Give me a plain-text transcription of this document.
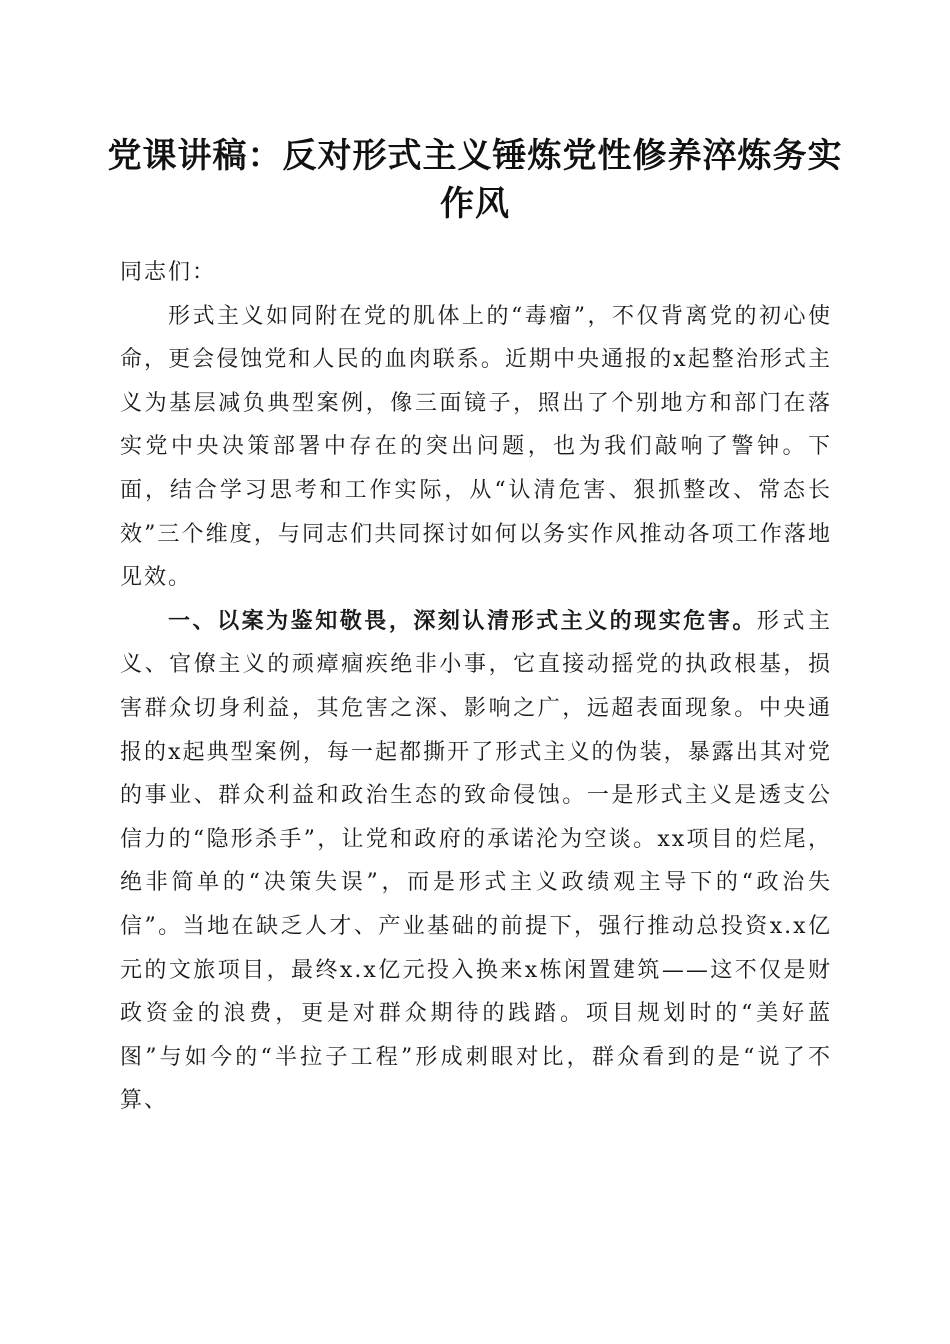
党课讲稿：反对形式主义锤炼党性修养淬炼务实作风

同志们：

形式主义如同附在党的肌体上的“毒瘤”，不仅背离党的初心使命，更会侵蚀党和人民的血肉联系。近期中央通报的x起整治形式主义为基层减负典型案例，像三面镜子，照出了个别地方和部门在落实党中央决策部署中存在的突出问题，也为我们敲响了警钟。下面，结合学习思考和工作实际，从“认清危害、狠抓整改、常态长效”三个维度，与同志们共同探讨如何以务实作风推动各项工作落地见效。

一、以案为鉴知敬畏，深刻认清形式主义的现实危害。形式主义、官僚主义的顽瘴痼疾绝非小事，它直接动摇党的执政根基，损害群众切身利益，其危害之深、影响之广，远超表面现象。中央通报的x起典型案例，每一起都撕开了形式主义的伪装，暴露出其对党的事业、群众利益和政治生态的致命侵蚀。一是形式主义是透支公信力的“隐形杀手”，让党和政府的承诺沦为空谈。xx项目的烂尾，绝非简单的“决策失误”，而是形式主义政绩观主导下的“政治失信”。当地在缺乏人才、产业基础的前提下，强行推动总投资x.x亿元的文旅项目，最终x.x亿元投入换来x栋闲置建筑——这不仅是财政资金的浪费，更是对群众期待的践踏。项目规划时的“美好蓝图”与如今的“半拉子工程”形成刺眼对比，群众看到的是“说了不算、
